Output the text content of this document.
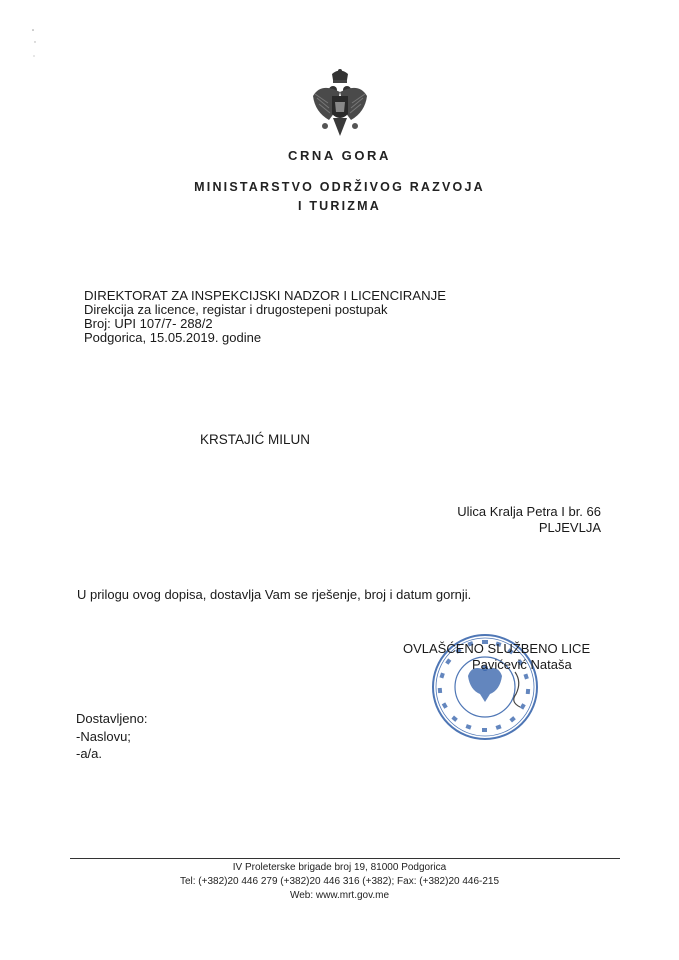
CRNA GORA
MINISTARSTVO ODRŽIVOG RAZVOJA
I TURIZMA
DIREKTORAT ZA INSPEKCIJSKI NADZOR I LICENCIRANJE
Direkcija za licence, registar i drugostepeni postupak
Broj: UPI 107/7- 288/2
Podgorica, 15.05.2019. godine
KRSTAJIĆ MILUN
Ulica Kralja Petra I br. 66
PLJEVLJA
U prilogu ovog dopisa, dostavlja Vam se rješenje, broj i datum gornji.
OVLAŠĆENO SLUŽBENO LICE
Pavićević Nataša
Dostavljeno:
-Naslovu;
-a/a.
IV Proleterske brigade broj 19, 81000 Podgorica
Tel: (+382)20 446 279 (+382)20 446 316 (+382); Fax: (+382)20 446-215
Web: www.mrt.gov.me
